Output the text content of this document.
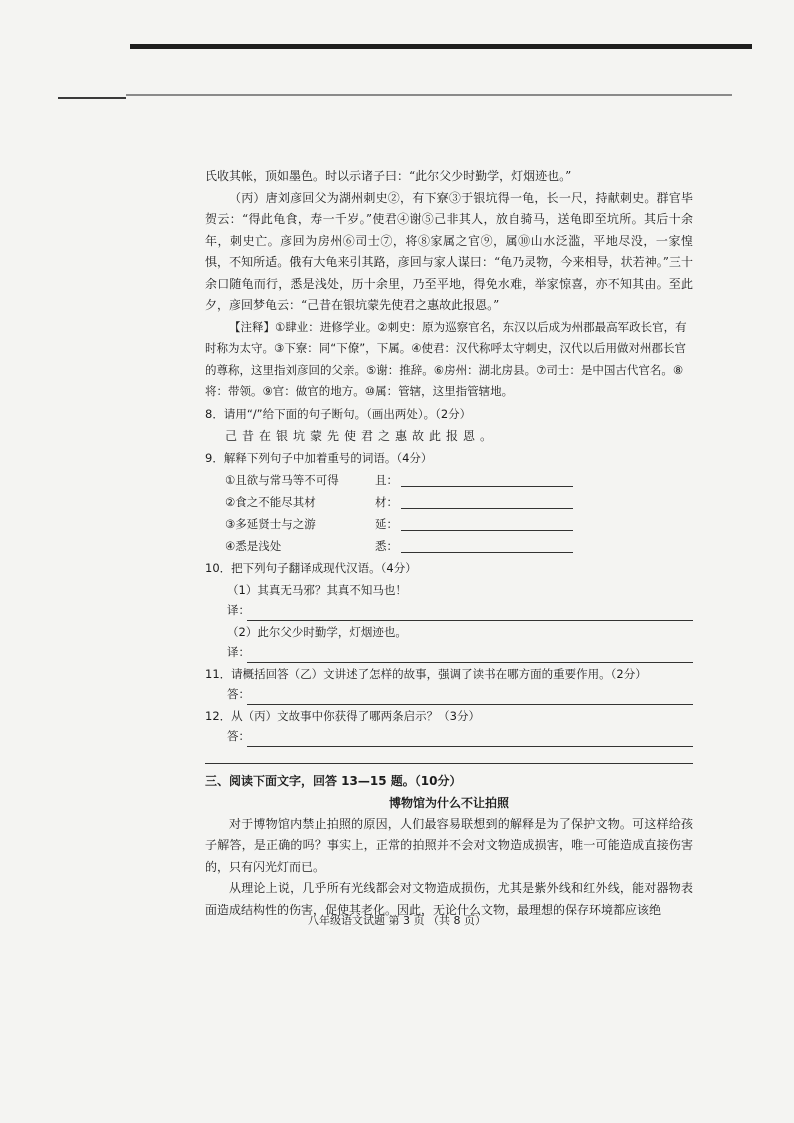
氏收其帐，顶如墨色。时以示诸子曰：“此尔父少时勤学，灯烟迹也。”

（丙）唐刘彦回父为湖州刺史②，有下寮③于银坑得一龟，长一尺，持献刺史。群官毕贺云：“得此龟食，寿一千岁。”使君④谢⑤己非其人，放自骑马，送龟即至坑所。其后十余年，刺史亡。彦回为房州⑥司士⑦，将⑧家属之官⑨，属⑩山水泛滥，平地尽没，一家惶惧，不知所适。俄有大龟来引其路，彦回与家人谋曰：“龟乃灵物，今来相导，状若神。”三十余口随龟而行，悉是浅处，历十余里，乃至平地，得免水难，举家惊喜，亦不知其由。至此夕，彦回梦龟云：“己昔在银坑蒙先使君之惠故此报恩。”

【注释】①肆业：进修学业。②刺史：原为巡察官名，东汉以后成为州郡最高军政长官，有时称为太守。③下寮：同“下僚”，下属。④使君：汉代称呼太守刺史，汉代以后用做对州郡长官的尊称，这里指刘彦回的父亲。⑤谢：推辞。⑥房州：湖北房县。⑦司士：是中国古代官名。⑧将：带领。⑨官：做官的地方。⑩属：管辖，这里指管辖地。

8．请用“/”给下面的句子断句。（画出两处）。（2分）

己昔在银坑蒙先使君之惠故此报恩。

9．解释下列句子中加着重号的词语。（4分）

①且欲与常马等不可得	且：
②食之不能尽其材	材：
③多延贤士与之游	延：
④悉是浅处	悉：

10．把下列句子翻译成现代汉语。（4分）

（1）其真无马邪？其真不知马也！

译：

（2）此尔父少时勤学，灯烟迹也。

译：

11．请概括回答（乙）文讲述了怎样的故事，强调了读书在哪方面的重要作用。（2分）

答：

12．从（丙）文故事中你获得了哪两条启示？（3分）

答：

三、阅读下面文字，回答 13—15 题。（10分）

博物馆为什么不让拍照

对于博物馆内禁止拍照的原因，人们最容易联想到的解释是为了保护文物。可这样给孩子解答，是正确的吗？事实上，正常的拍照并不会对文物造成损害，唯一可能造成直接伤害的，只有闪光灯而已。

从理论上说，几乎所有光线都会对文物造成损伤，尤其是紫外线和红外线，能对器物表面造成结构性的伤害，促使其老化。因此，无论什么文物，最理想的保存环境都应该绝

八年级语文试题 第 3 页 （共 8 页）
